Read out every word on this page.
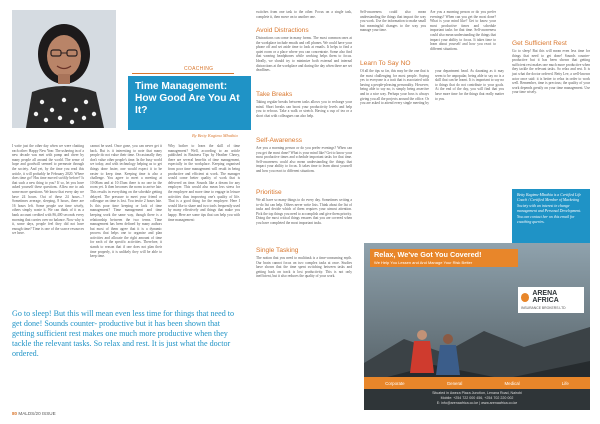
COACHING
Time Management: How Good Are You At It?
By Betty Kagimu Mbathia
I write just the other day when we were chatting each other: Happy New Year. The ushering in of a new decade was met with pomp and cheer by many people all around the world. The sense of hope and goodwill seemed to permeate through the society. And yet, by the time you read this article, it will probably be February 2020. Where does time go? Has time moved swiftly before? Is that such a new thing to you? If so, let you have asked yourself these questions. Allow me to ask some more questions. We know that every day we have 24 hours. Out of these 24 hours...? Sometimes average, sleeping, 8 hours, there are 16 hours left. Some people use time wisely, others simply waste it. We can think of it as a bank account credited with 86,400 seconds every morning that carries over no balance. Now why is it, some days, people feel they did not have enough time? Time is one of the scarce resources we have.
cannot be used. Once gone, you can never get it back. But is it interesting to note that many people do not value their time. Occasionally they don't value other people's time. In the busy world we today, and with technology helping us to get things done faster, one would expect it to be easier to keep time. Keeping time is also a challenge. You agree to meet a meeting at 10:00am and at 10:15am there is no one in the room yet. It then becomes the norm to arrive late. This results in everything on the schedule getting delayed. The pressure to meet your friend or colleague on time is lost. You invite 2 hours late. Is this poor time keeping or lack of time management? Time management and time keeping work the same way, though there is a relationship between the two terms. Time management has been defined by many authors but most of them agree that it is a dynamic process that helps one to organise and plan activities and allocate the right amount of time for each of the specific activities. Therefore, it stands to reason that if one does not plan their time properly, it is unlikely they will be able to keep time.
Why bother to learn the skill of time management? Well, according to an article published in Business Tips by Heather Cherry, there are several benefits of time management, especially in the workplace. Keeping organised from poor time management will result in being productive and efficient at work. The manager would come better quality of work that is delivered on time. Sounds like a dream for any employer. This would also mean less stress for the employee and more time to engage in leisure activities thus improving one's quality of life. That is a good thing for the employee. Here I would like to share and two tools frequently used by many effectively and things that make you happy. Here are some tips that can help you with time management:
Go to sleep! But this will mean even less time for things that need to get done! Sounds counter- productive but it has been shown that getting sufficient rest makes one much more productive when they tackle the relevant tasks. So relax and rest. It is just what the doctor ordered.
switches from one task to the other. Focus on a single task, complete it, then move on to another one.
Avoid Distractions
Distractions can come in many forms. The most common ones at the workplace include emails and cell phones. We could have your phone off and set aside time to look at emails. It helps to find a quiet room or a place where you can concentrate. Some also find that wearing headphones while working helps them to focus. Ideally, we should try to minimize both external and internal distractions at the workplace and during the day when there are set deadlines.
Take Breaks
Taking regular breaks between tasks allows you to recharge your mind. Short breaks can boost your productivity levels and help you to refocus. Take a walk or stretch. Having a cup of tea or a short chat with colleagues can also help.
Self-Awareness
Are you a morning person or do you prefer evenings? When can you get the most done? What is your mind like? Get to know your most productive times and schedule important tasks for that time. Self-awareness could also mean understanding the things that impact your ability to focus. It takes time to learn about yourself and how you react to different situations.
Prioritise
We all have so many things to do every day. Sometimes writing a to-do list can help. Others never write lists. Think about the list of tasks and decide which of them requires your utmost attention. Pick the top things you need to accomplish and give them priority. Doing the most critical things ensures that you are covered when you have completed the most important tasks.
Single Tasking
The notion that you need to multitask is a time-consuming myth. Our brain cannot focus on two complex tasks at once. Studies have shown that the time spent switching between tasks and getting back on track is lost productivity. This is not only inefficient, but it also reduces the quality of your work.
Self-awareness could also mean understanding the things that impact the way you work. Use the information to make small but meaningful changes to the way you manage your time.
Are you a morning person or do you prefer evenings? When can you get the most done? What is your mind like? Get to know your most productive times and schedule important tasks for that time. Self-awareness could also mean understanding the things that impact your ability to focus. It takes time to learn about yourself and how you react to different situations.
Learn To Say NO
Of all the tips so far, this may be the one that is the most challenging for most people. Saying yes to everyone is a trait that is associated with having a people-pleasing personality. However, being able to say no, is simply being assertive and in a nice way. Perhaps your boss is always giving you all the projects around the office. Or you are asked to attend every single meeting by your department head. As daunting as it may seem to be unpopular, being able to say no is a skill that can be learnt. It is important to say no to things that do not contribute to your goals. At the end of the day, you will find that you have more time for the things that really matter to you.
Get Sufficient Rest
Go to sleep! But this will mean even less time for things that need to get done! Sounds counter-productive but it has been shown that getting sufficient rest makes one much more productive when they tackle the relevant tasks. So relax and rest. It is just what the doctor ordered. Betty Lee, a well-known actor once said: it is better to relax in order to work well. Remember, time is precious; the quality of your work depends greatly on your time management. Use your time wisely.
Betty Kagimu-Mbathia is a Certified Life Coach / Certified Member of Marketing Society with an interest in change management and Personal Development. You can contact her on this email for coaching queries.
Relax, We've Got You Covered!
We Help You Lessen and And Manage Your Risk Better
ARENA AFRICA
INSURANCE BROKERS LTD
Corporate	General	Medical	Life
Situated in Aweza Plaza Junction, Lenana Road, Nairobi
Mobile: +254 722 000 456, +254 702 220 002
E: info@arenaafrica.co.ke | www.arenaafrica.co.ke
80 MALDS/20 ISSUE
